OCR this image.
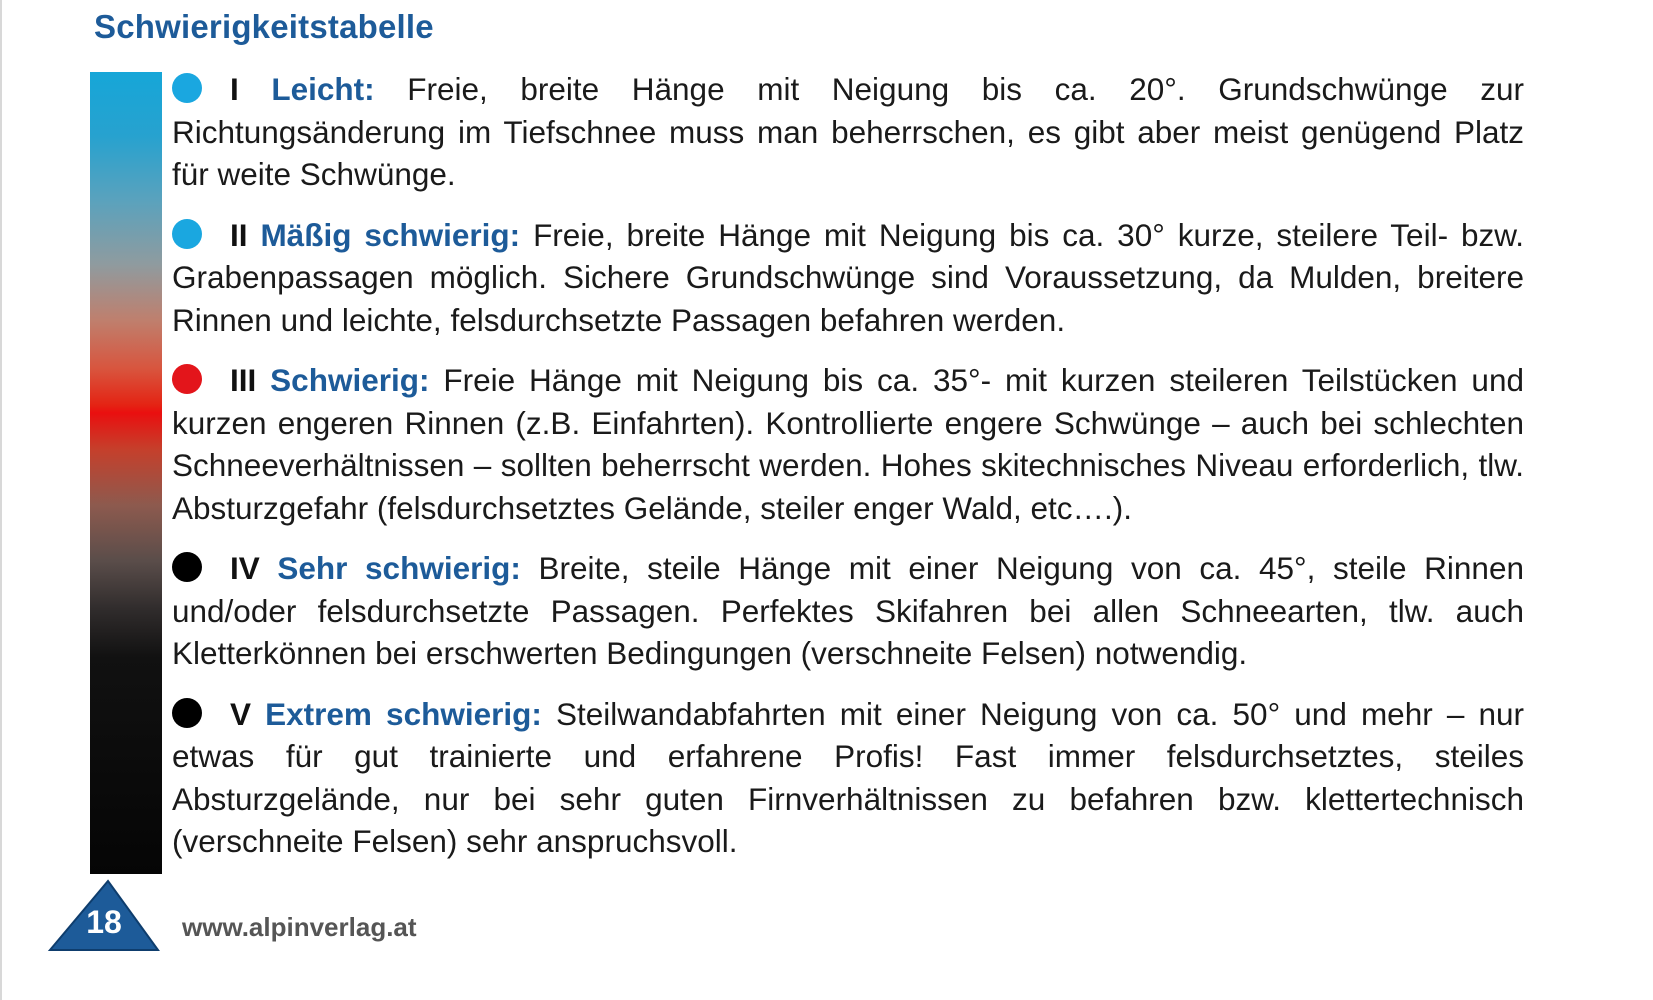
Schwierigkeitstabelle

I Leicht: Freie, breite Hänge mit Neigung bis ca. 20°. Grundschwünge zur Richtungsänderung im Tiefschnee muss man beherrschen, es gibt aber meist genügend Platz für weite Schwünge.

II Mäßig schwierig: Freie, breite Hänge mit Neigung bis ca. 30° kurze, steilere Teil- bzw. Grabenpassagen möglich. Sichere Grundschwünge sind Voraussetzung, da Mulden, breitere Rinnen und leichte, felsdurchsetzte Passagen befahren werden.

III Schwierig: Freie Hänge mit Neigung bis ca. 35°- mit kurzen steileren Teilstücken und kurzen engeren Rinnen (z.B. Einfahrten). Kontrollierte engere Schwünge – auch bei schlechten Schneeverhältnissen – sollten beherrscht werden. Hohes skitechnisches Niveau erforderlich, tlw. Absturzgefahr (felsdurchsetztes Gelände, steiler enger Wald, etc….).

IV Sehr schwierig: Breite, steile Hänge mit einer Neigung von ca. 45°, steile Rinnen und/oder felsdurchsetzte Passagen. Perfektes Skifahren bei allen Schneearten, tlw. auch Kletterkönnen bei erschwerten Bedingungen (verschneite Felsen) notwendig.

V Extrem schwierig: Steilwandabfahrten mit einer Neigung von ca. 50° und mehr – nur etwas für gut trainierte und erfahrene Profis! Fast immer felsdurchsetztes, steiles Absturzgelände, nur bei sehr guten Firnverhältnissen zu befahren bzw. klettertechnisch (verschneite Felsen) sehr anspruchsvoll.

18	www.alpinverlag.at
